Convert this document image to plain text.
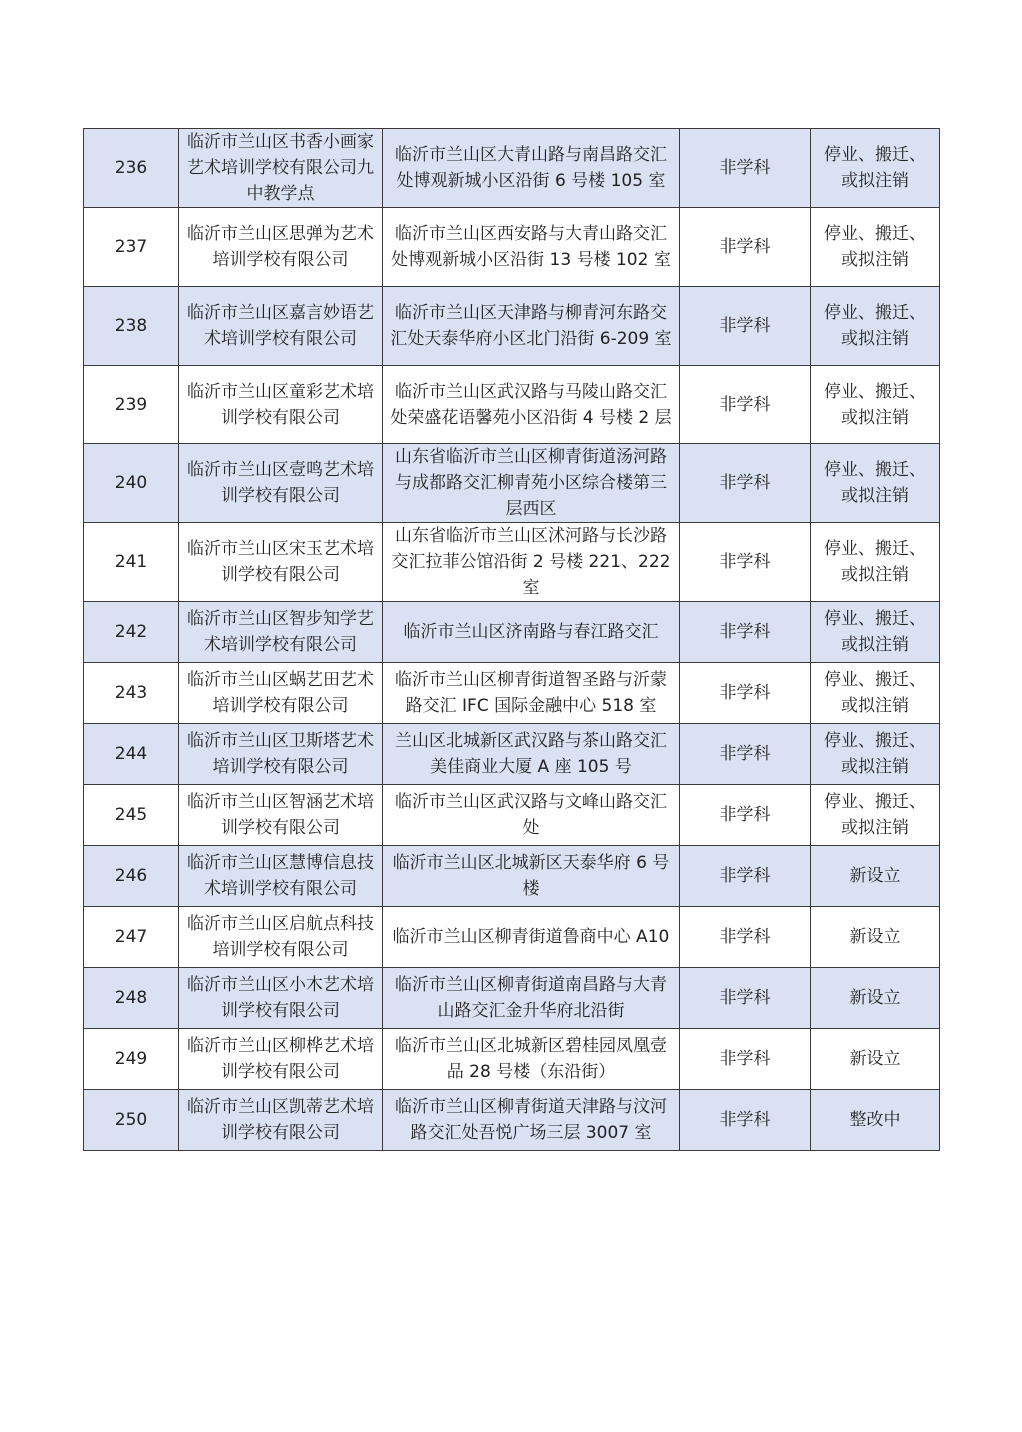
236	临沂市兰山区书香小画家艺术培训学校有限公司九中教学点	临沂市兰山区大青山路与南昌路交汇处博观新城小区沿街 6 号楼 105 室	非学科	停业、搬迁、或拟注销
237	临沂市兰山区思弹为艺术培训学校有限公司	临沂市兰山区西安路与大青山路交汇处博观新城小区沿街 13 号楼 102 室	非学科	停业、搬迁、或拟注销
238	临沂市兰山区嘉言妙语艺术培训学校有限公司	临沂市兰山区天津路与柳青河东路交汇处天泰华府小区北门沿街 6-209 室	非学科	停业、搬迁、或拟注销
239	临沂市兰山区童彩艺术培训学校有限公司	临沂市兰山区武汉路与马陵山路交汇处荣盛花语馨苑小区沿街 4 号楼 2 层	非学科	停业、搬迁、或拟注销
240	临沂市兰山区壹鸣艺术培训学校有限公司	山东省临沂市兰山区柳青街道汤河路与成都路交汇柳青苑小区综合楼第三层西区	非学科	停业、搬迁、或拟注销
241	临沂市兰山区宋玉艺术培训学校有限公司	山东省临沂市兰山区沭河路与长沙路交汇拉菲公馆沿街 2 号楼 221、222 室	非学科	停业、搬迁、或拟注销
242	临沂市兰山区智步知学艺术培训学校有限公司	临沂市兰山区济南路与春江路交汇	非学科	停业、搬迁、或拟注销
243	临沂市兰山区蜗艺田艺术培训学校有限公司	临沂市兰山区柳青街道智圣路与沂蒙路交汇 IFC 国际金融中心 518 室	非学科	停业、搬迁、或拟注销
244	临沂市兰山区卫斯塔艺术培训学校有限公司	兰山区北城新区武汉路与茶山路交汇美佳商业大厦 A 座 105 号	非学科	停业、搬迁、或拟注销
245	临沂市兰山区智涵艺术培训学校有限公司	临沂市兰山区武汉路与文峰山路交汇处	非学科	停业、搬迁、或拟注销
246	临沂市兰山区慧博信息技术培训学校有限公司	临沂市兰山区北城新区天泰华府 6 号楼	非学科	新设立
247	临沂市兰山区启航点科技培训学校有限公司	临沂市兰山区柳青街道鲁商中心 A10	非学科	新设立
248	临沂市兰山区小木艺术培训学校有限公司	临沂市兰山区柳青街道南昌路与大青山路交汇金升华府北沿街	非学科	新设立
249	临沂市兰山区柳桦艺术培训学校有限公司	临沂市兰山区北城新区碧桂园凤凰壹品 28 号楼（东沿街）	非学科	新设立
250	临沂市兰山区凯蒂艺术培训学校有限公司	临沂市兰山区柳青街道天津路与汶河路交汇处吾悦广场三层 3007 室	非学科	整改中
